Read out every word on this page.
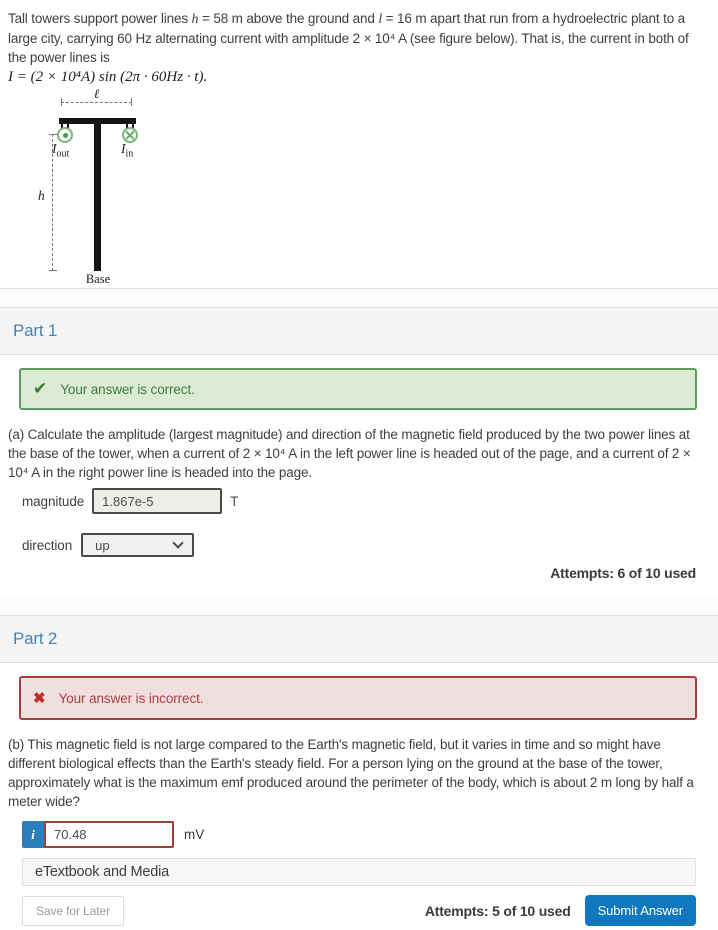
Tall towers support power lines h = 58 m above the ground and l = 16 m apart that run from a hydroelectric plant to a large city, carrying 60 Hz alternating current with amplitude 2 × 10⁴ A (see figure below). That is, the current in both of the power lines is

I = (2 × 10⁴A) sin (2π · 60Hz · t).
ℓ
$I_{out}$	$I_{in}$
h
Base
Part 1
✔ Your answer is correct.

(a) Calculate the amplitude (largest magnitude) and direction of the magnetic field produced by the two power lines at the base of the tower, when a current of 2 × 10⁴ A in the left power line is headed out of the page, and a current of 2 × 10⁴ A in the right power line is headed into the page.

magnitude
1.867e-5	T
direction up
Attempts: 6 of 10 used
Part 2
✖ Your answer is incorrect.

(b) This magnetic field is not large compared to the Earth's magnetic field, but it varies in time and so might have different biological effects than the Earth's steady field. For a person lying on the ground at the base of the tower, approximately what is the maximum emf produced around the perimeter of the body, which is about 2 m long by half a meter wide?

i
70.48	mV
eTextbook and Media
Save for Later	Attempts: 5 of 10 used	Submit Answer
